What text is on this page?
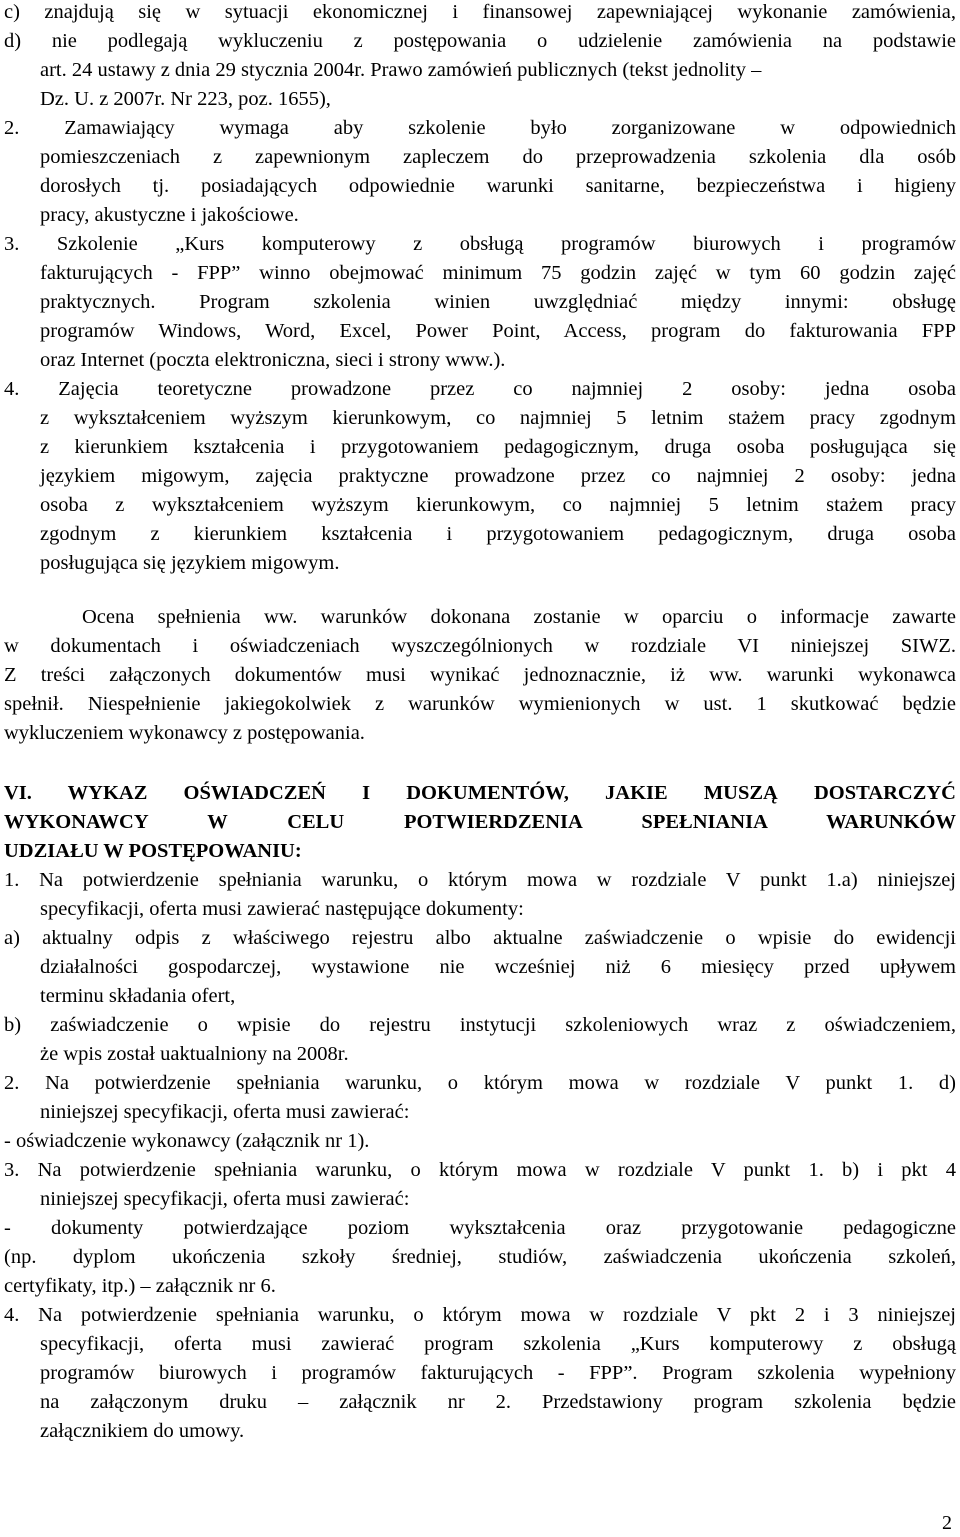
c) znajdują się w sytuacji ekonomicznej i finansowej zapewniającej wykonanie zamówienia,
d) nie podlegają wykluczeniu z postępowania o udzielenie zamówienia na podstawie
art. 24 ustawy z dnia 29 stycznia 2004r. Prawo zamówień publicznych (tekst jednolity –
Dz. U. z 2007r. Nr 223, poz. 1655),
2. Zamawiający wymaga aby szkolenie było zorganizowane w odpowiednich
pomieszczeniach z zapewnionym zapleczem do przeprowadzenia szkolenia dla osób
dorosłych tj. posiadających odpowiednie warunki sanitarne, bezpieczeństwa i higieny
pracy, akustyczne i jakościowe.
3. Szkolenie „Kurs komputerowy z obsługą programów biurowych i programów
fakturujących - FPP” winno obejmować minimum 75 godzin zajęć w tym 60 godzin zajęć
praktycznych. Program szkolenia winien uwzględniać między innymi: obsługę
programów Windows, Word, Excel, Power Point, Access, program do fakturowania FPP
oraz Internet (poczta elektroniczna, sieci i strony www.).
4. Zajęcia teoretyczne prowadzone przez co najmniej 2 osoby: jedna osoba
z wykształceniem wyższym kierunkowym, co najmniej 5 letnim stażem pracy zgodnym
z kierunkiem kształcenia i przygotowaniem pedagogicznym, druga osoba posługująca się
językiem migowym, zajęcia praktyczne prowadzone przez co najmniej 2 osoby: jedna
osoba z wykształceniem wyższym kierunkowym, co najmniej 5 letnim stażem pracy
zgodnym z kierunkiem kształcenia i przygotowaniem pedagogicznym, druga osoba
posługująca się językiem migowym.
Ocena spełnienia ww. warunków dokonana zostanie w oparciu o informacje zawarte
w dokumentach i oświadczeniach wyszczególnionych w rozdziale VI niniejszej SIWZ.
Z treści załączonych dokumentów musi wynikać jednoznacznie, iż ww. warunki wykonawca
spełnił. Niespełnienie jakiegokolwiek z warunków wymienionych w ust. 1 skutkować będzie
wykluczeniem wykonawcy z postępowania.
VI. WYKAZ OŚWIADCZEŃ I DOKUMENTÓW, JAKIE MUSZĄ DOSTARCZYĆ
WYKONAWCY W CELU POTWIERDZENIA SPEŁNIANIA WARUNKÓW
UDZIAŁU W POSTĘPOWANIU:
1. Na potwierdzenie spełniania warunku, o którym mowa w rozdziale V punkt 1.a) niniejszej
specyfikacji, oferta musi zawierać następujące dokumenty:
a) aktualny odpis z właściwego rejestru albo aktualne zaświadczenie o wpisie do ewidencji
działalności gospodarczej, wystawione nie wcześniej niż 6 miesięcy przed upływem
terminu składania ofert,
b) zaświadczenie o wpisie do rejestru instytucji szkoleniowych wraz z oświadczeniem,
że wpis został uaktualniony na 2008r.
2. Na potwierdzenie spełniania warunku, o którym mowa w rozdziale V punkt 1. d)
niniejszej specyfikacji, oferta musi zawierać:
- oświadczenie wykonawcy (załącznik nr 1).
3. Na potwierdzenie spełniania warunku, o którym mowa w rozdziale V punkt 1. b) i pkt 4
niniejszej specyfikacji, oferta musi zawierać:
- dokumenty potwierdzające poziom wykształcenia oraz przygotowanie pedagogiczne
(np. dyplom ukończenia szkoły średniej, studiów, zaświadczenia ukończenia szkoleń,
certyfikaty, itp.) – załącznik nr 6.
4. Na potwierdzenie spełniania warunku, o którym mowa w rozdziale V pkt 2 i 3 niniejszej
specyfikacji, oferta musi zawierać program szkolenia „Kurs komputerowy z obsługą
programów biurowych i programów fakturujących - FPP”. Program szkolenia wypełniony
na załączonym druku – załącznik nr 2. Przedstawiony program szkolenia będzie
załącznikiem do umowy.
2
